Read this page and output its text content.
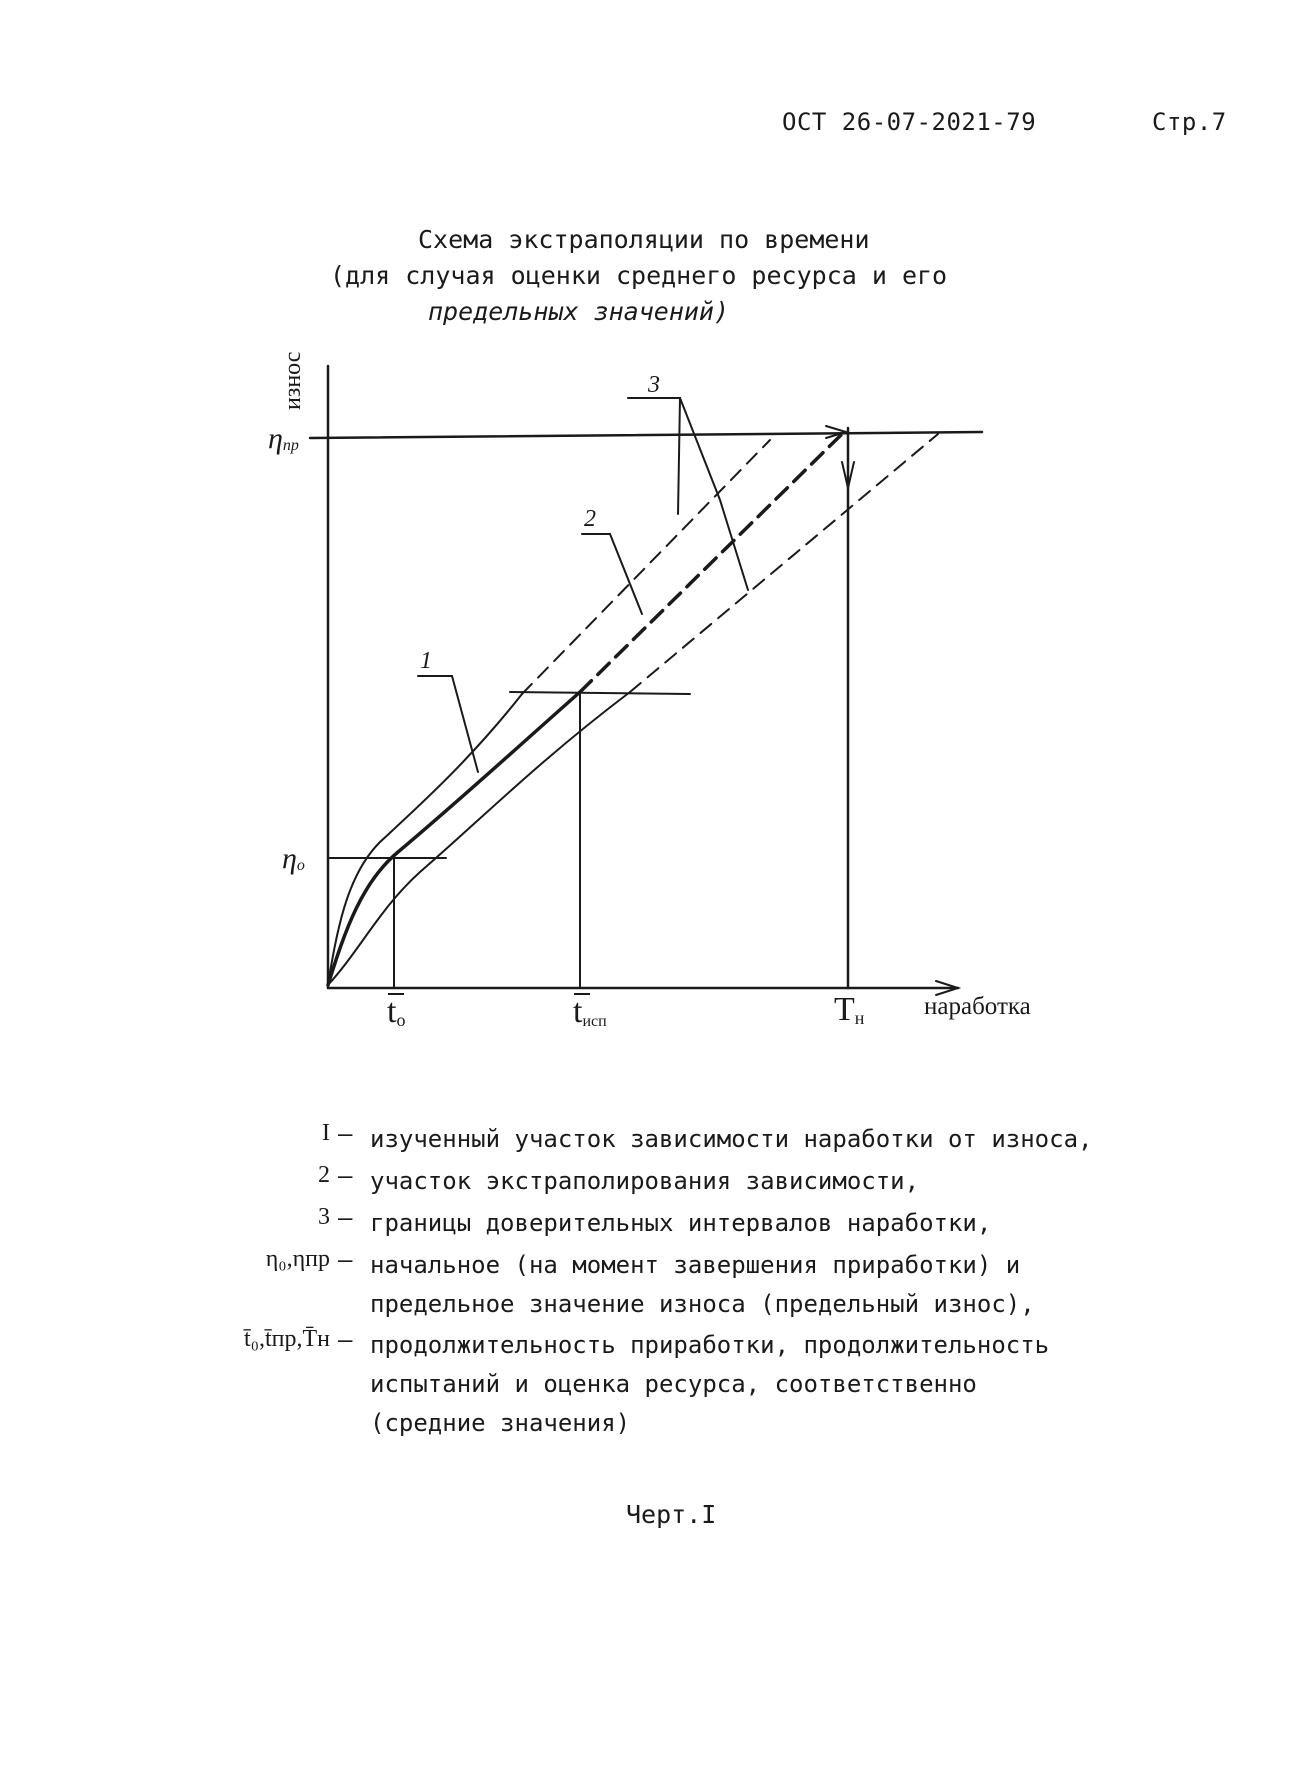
ОСТ 26-07-2021-79	Стр.7
Схема экстраполяции по времени
(для случая оценки среднего ресурса и его
предельных значений)
износ
ηпр
ηо
tо	tисп	Tн наработка
1
2
3
I – изученный участок зависимости наработки от износа,
2 – участок экстраполирования зависимости,
3 – границы доверительных интервалов наработки,
η₀,ηпр – начальное (на момент завершения приработки) и
предельное значение износа (предельный износ),
t̄₀,t̄пр,T̄н – продолжительность приработки, продолжительность
испытаний и оценка ресурса, соответственно
(средние значения)
Черт.I
